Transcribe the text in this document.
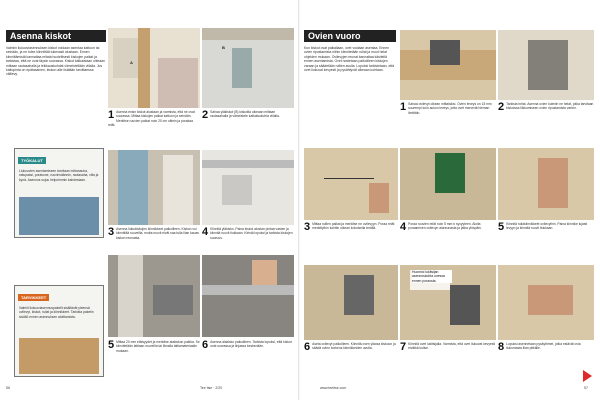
Asenna kiskot
Valmiin liukuoviasennuksen kiskot voidaan asentaa kattoon tai seinään, ja ne tulee kiinnittää tukevasti alustaan. Ennen kiinnittämistä kannattaa mitata huolellisesti kiskojen paikat ja tarkistaa, että ne ovat täysin suorassa. Kiskot katkaistaan oikeaan mittaan rautasahalla ja leikkauskohdat viimeistellään viilalla. Jos kattopinta on epätasainen, kiskon alle lisätään tarvittaessa välilevy.
A
B
1 Asenna ensin kiskot alustaan ja varmista, että ne ovat suorassa. Mittaa kiskojen paikat kattoon ja seinään. Merkitse ruuvien paikat noin 20 cm välein ja porakaa reiät.
2 Sahaa yläkiskot (B) kiskoilla oikeaan mittaan rautasahalla ja viimeistele katkaisukohta viilalla.
TYÖKALUT
Liukuovien asentamiseen tarvitaan mittanauha, vatupassi, porakone, ruuvinväännin, rautasaha, viila ja kynä. Asennus sujuu helpoimmin kahdestaan.
3 Asenna liukukiskojen kiinnikkeet paikoilleen. Kiskon voi kiinnittää ruuveilla, mutta ruuvit eivät saa tulla liian kauas kiskon reunasta.	4 Kiinnitä yläkisko. Paina kiskot alustan pintaa vasten ja kiinnitä ruuvit tiukkaan. Kiristä lopuksi ja tarkista kiskojen suoruus.
TARVIKKEET
Valmiit liukuoviasennuspaketit sisältävät yleensä ovilevyt, kiskot, rullat ja kiinnikkeet. Tarkista paketin sisältö ennen asennuksen aloittamista.
5 Mittaa 20 mm etäisyydet ja merkitse alakiskon paikka. Se kiinnitetään lattiaan ruuveilla tai liimalla lattiamateriaalin mukaan.	6 Asenna alakisko paikoilleen. Tarkista lopuksi, että kiskot ovat suorassa ja linjassa keskenään.
56	Tee Itse · 2/20
Ovien vuoro
Kun kiskot ovat paikallaan, ovet voidaan asentaa. Ennen ovien ripustamista niihin kiinnitetään rullat ja muut helat ohjeiden mukaan. Ovilevyjen reunat kannattaa käsitellä ennen asentamista. Ovet nostetaan paikoilleen kiskojen varaan ja säädetään rullien avulla. Lopuksi tarkistetaan, että ovet liukuvat kevyesti ja pysähtyvät oikeaan kohtaan.
1 Sahaa ovilevyt oikean mittaisiksi. Ovien leveys on 15 mm suurempi kuin aukon leveys, jotta ovet menevät hieman limittäin.	2 Tarkista helat. Asenna ovien kulmiin ne helat, jotka tarvitaan kiskoissa liikkumiseen ovien ripustamista varten.
3 Mittaa rullien paikat ja merkitse ne ovilevyyn. Poraa reiät merkittyihin kohtiin oikean kokoisella terällä.	4 Poraa ruuvien reiät noin 5 mm:n syvyyteen. Aloita poraaminen ovilevyn alareunasta ja jatka ylöspäin.	5 Kiinnitä rullakiinnikkeet ovilevyihin. Paina kiinnike lujasti levyyn ja kiinnitä ruuvit tiukkaan.
Huomioi lukitsijan asennuskohta ovessa ennen porausta.
6 Aseta ovilevyt paikoilleen. Kiinnitä oven yläosa kiskoon ja säädä ovien korkeus kiinnikkeiden avulla.	7 Kiinnitä ovet lukitsijalla. Varmista, että ovet liukuvat kevyesti eivätkä kolise.	8 Lopuksi asennetaan pysäyttimet, jotka estävät ovia liukumasta liian pitkälle.
www.teeitse.com	57
